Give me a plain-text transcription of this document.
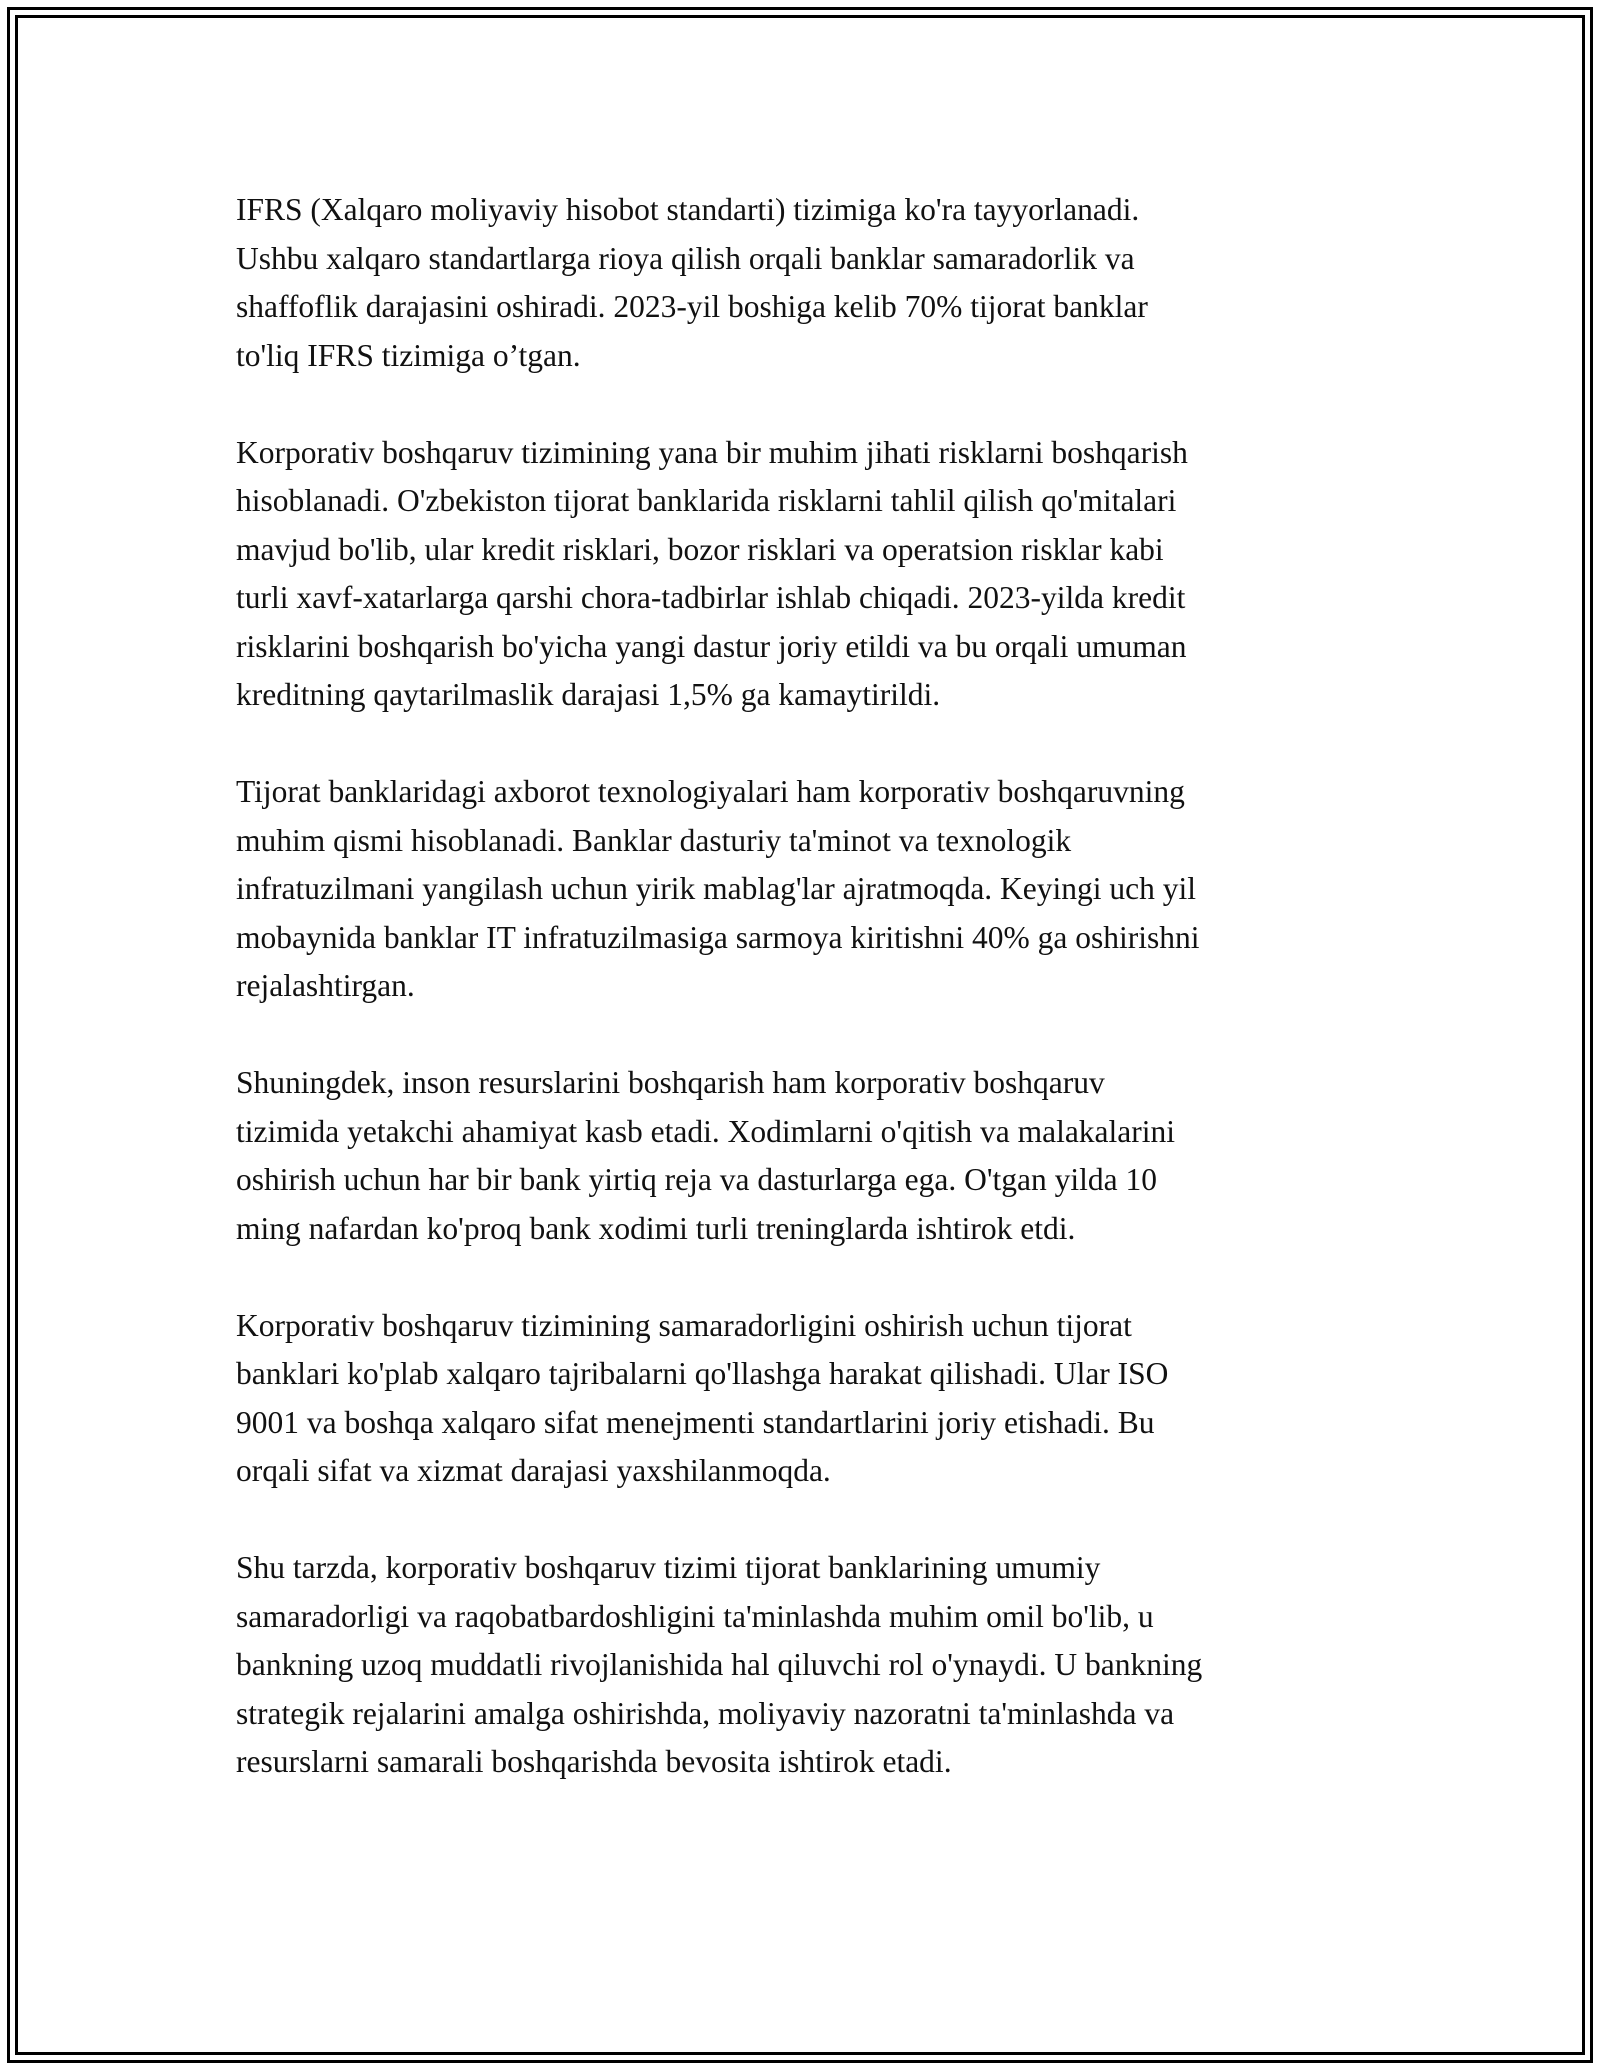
IFRS (Xalqaro moliyaviy hisobot standarti) tizimiga ko'ra tayyorlanadi.
Ushbu xalqaro standartlarga rioya qilish orqali banklar samaradorlik va
shaffoflik darajasini oshiradi. 2023-yil boshiga kelib 70% tijorat banklar
to'liq IFRS tizimiga o’tgan.

Korporativ boshqaruv tizimining yana bir muhim jihati risklarni boshqarish
hisoblanadi. O'zbekiston tijorat banklarida risklarni tahlil qilish qo'mitalari
mavjud bo'lib, ular kredit risklari, bozor risklari va operatsion risklar kabi
turli xavf-xatarlarga qarshi chora-tadbirlar ishlab chiqadi. 2023-yilda kredit
risklarini boshqarish bo'yicha yangi dastur joriy etildi va bu orqali umuman
kreditning qaytarilmaslik darajasi 1,5% ga kamaytirildi.

Tijorat banklaridagi axborot texnologiyalari ham korporativ boshqaruvning
muhim qismi hisoblanadi. Banklar dasturiy ta'minot va texnologik
infratuzilmani yangilash uchun yirik mablag'lar ajratmoqda. Keyingi uch yil
mobaynida banklar IT infratuzilmasiga sarmoya kiritishni 40% ga oshirishni
rejalashtirgan.

Shuningdek, inson resurslarini boshqarish ham korporativ boshqaruv
tizimida yetakchi ahamiyat kasb etadi. Xodimlarni o'qitish va malakalarini
oshirish uchun har bir bank yirtiq reja va dasturlarga ega. O'tgan yilda 10
ming nafardan ko'proq bank xodimi turli treninglarda ishtirok etdi.

Korporativ boshqaruv tizimining samaradorligini oshirish uchun tijorat
banklari ko'plab xalqaro tajribalarni qo'llashga harakat qilishadi. Ular ISO
9001 va boshqa xalqaro sifat menejmenti standartlarini joriy etishadi. Bu
orqali sifat va xizmat darajasi yaxshilanmoqda.

Shu tarzda, korporativ boshqaruv tizimi tijorat banklarining umumiy
samaradorligi va raqobatbardoshligini ta'minlashda muhim omil bo'lib, u
bankning uzoq muddatli rivojlanishida hal qiluvchi rol o'ynaydi. U bankning
strategik rejalarini amalga oshirishda, moliyaviy nazoratni ta'minlashda va
resurslarni samarali boshqarishda bevosita ishtirok etadi.
